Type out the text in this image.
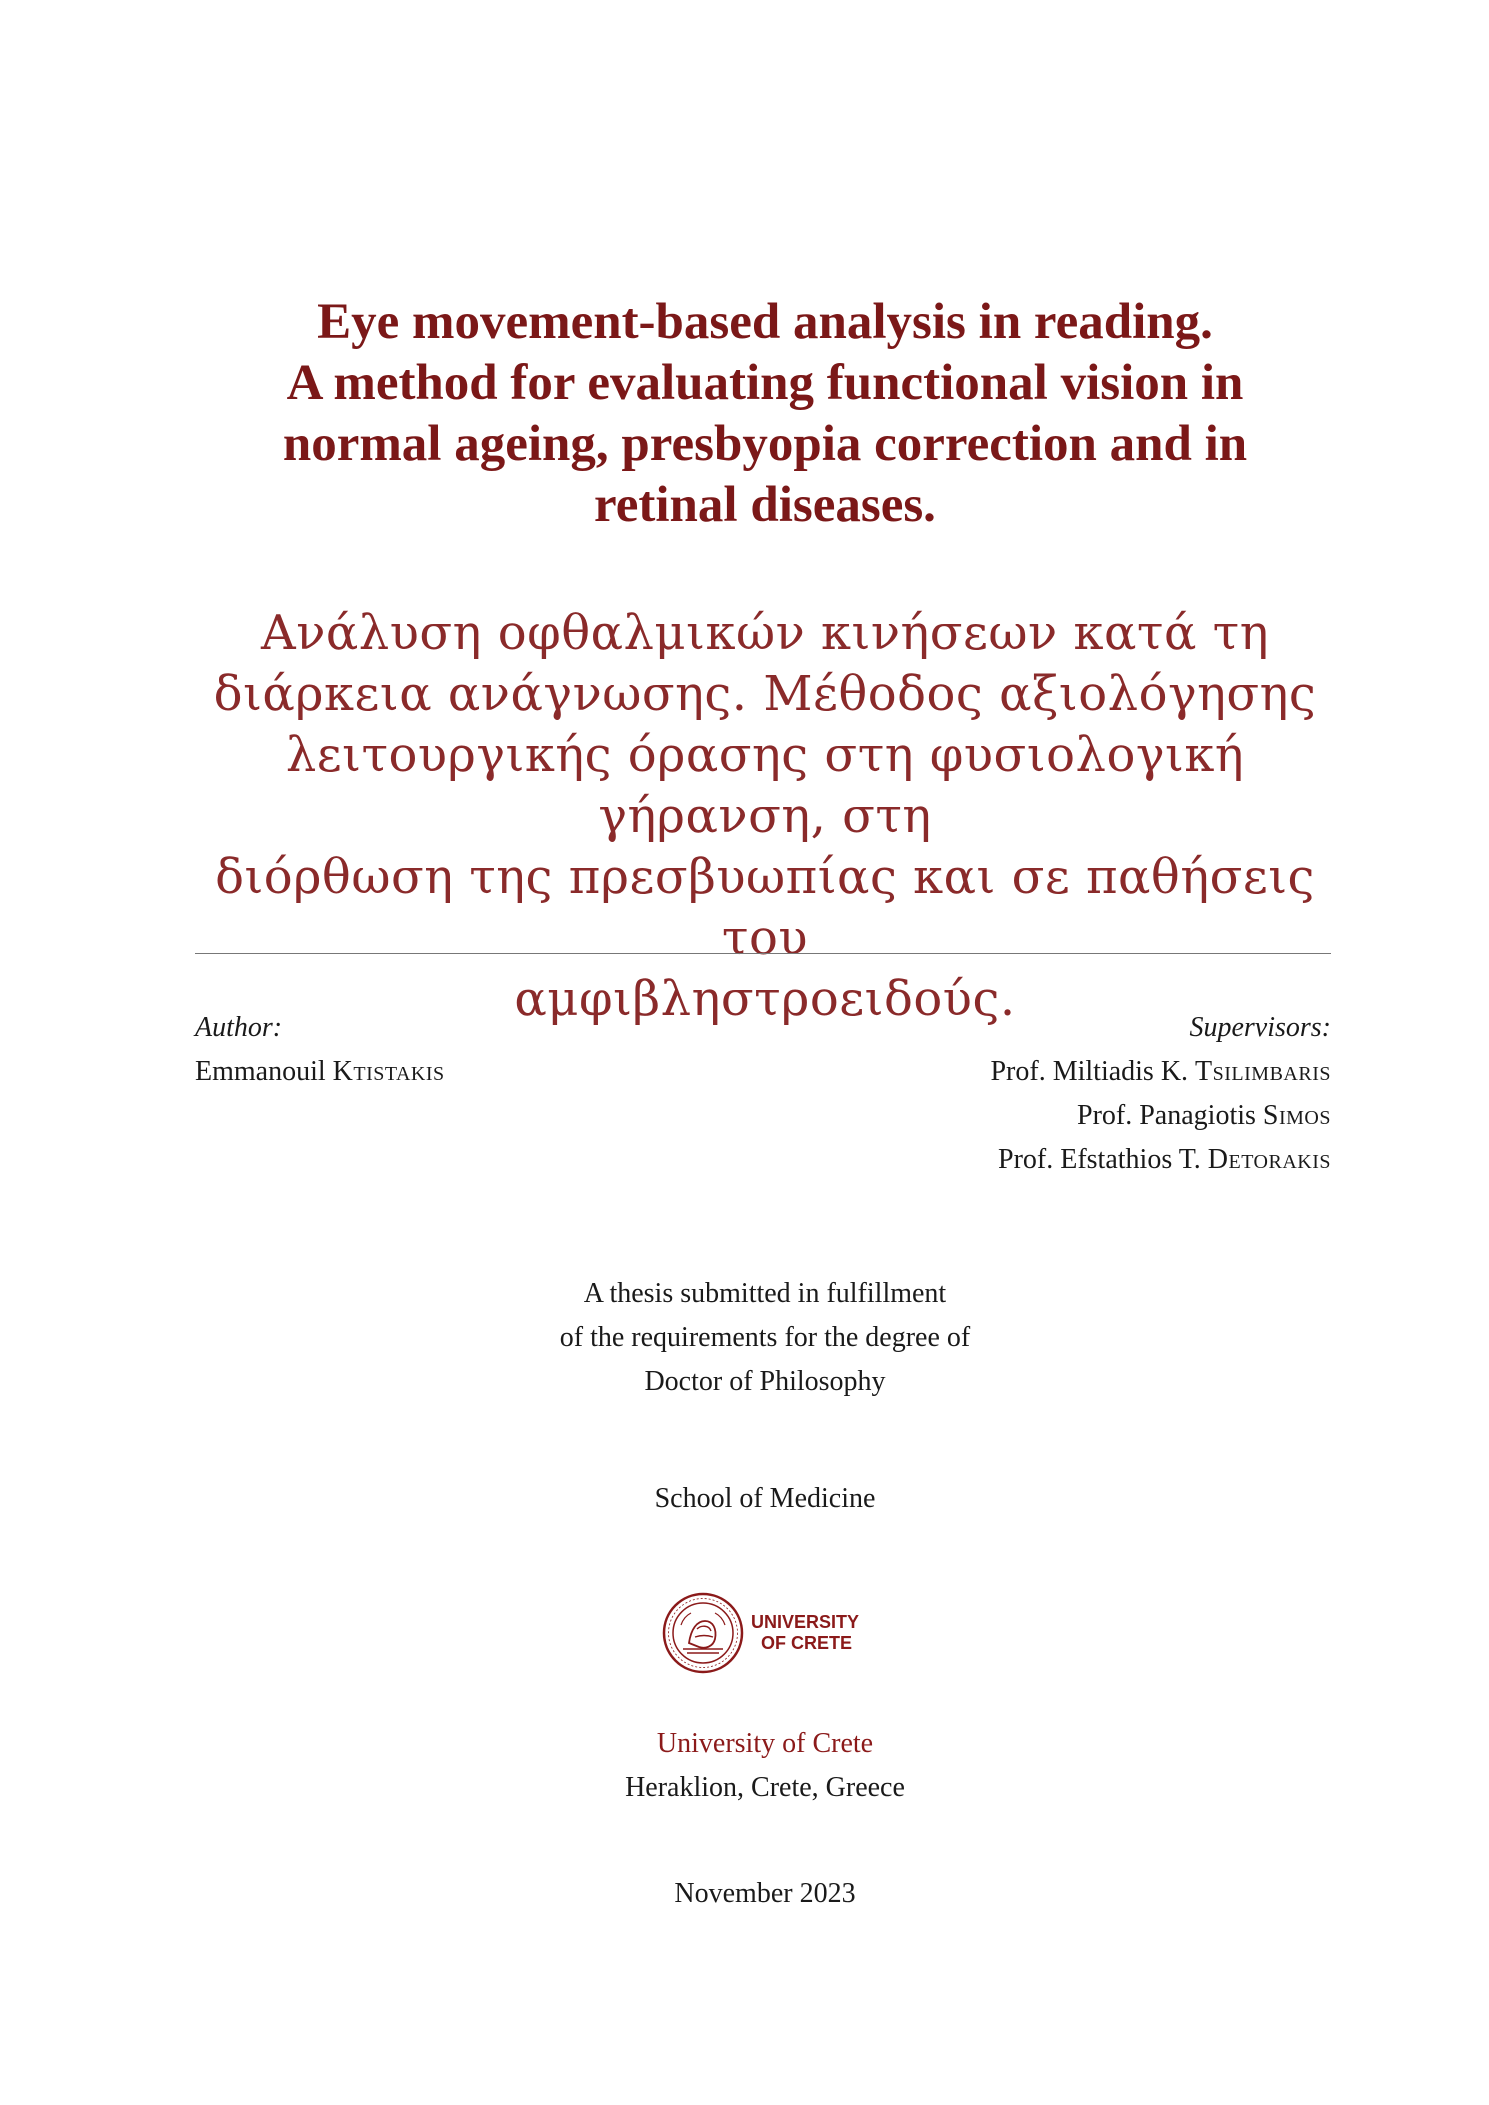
Eye movement-based analysis in reading.
A method for evaluating functional vision in
normal ageing, presbyopia correction and in
retinal diseases.
Ανάλυση οφθαλμικών κινήσεων κατά τη
διάρκεια ανάγνωσης. Μέθοδος αξιολόγησης
λειτουργικής όρασης στη φυσιολογική γήρανση, στη
διόρθωση της πρεσβυωπίας και σε παθήσεις του
αμφιβληστροειδούς.
Author:
Emmanouil Ktistakis
Supervisors:
Prof. Miltiadis K. Tsilimbaris
Prof. Panagiotis Simos
Prof. Efstathios T. Detorakis
A thesis submitted in fulfillment
of the requirements for the degree of
Doctor of Philosophy
School of Medicine
UNIVERSITY
OF CRETE
University of Crete
Heraklion, Crete, Greece
November 2023
